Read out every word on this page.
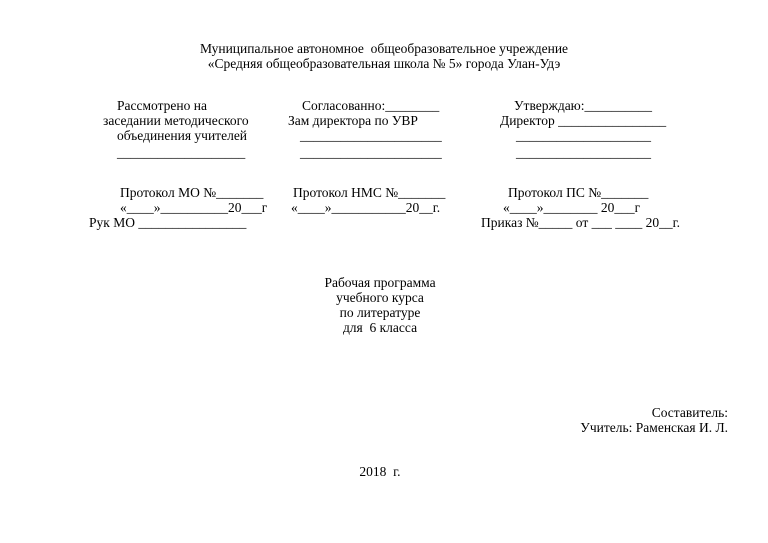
Муниципальное автономное  общеобразовательное учреждение
«Средняя общеобразовательная школа № 5» города Улан-Удэ
Рассмотрено на
заседании методического
объединения учителей
___________________
Согласованно:________
Зам директора по УВР
_____________________
_____________________
Утверждаю:__________
Директор ________________
____________________
____________________
Протокол МО №_______
«____»__________20___г
Рук МО ________________
Протокол НМС №_______
«____»___________20__г.
Протокол ПС №_______
«____»________ 20___г
Приказ №_____ от ___ ____ 20__г.
Рабочая программа
учебного курса
по литературе
для  6 класса
Составитель:
Учитель: Раменская И. Л.
2018  г.
